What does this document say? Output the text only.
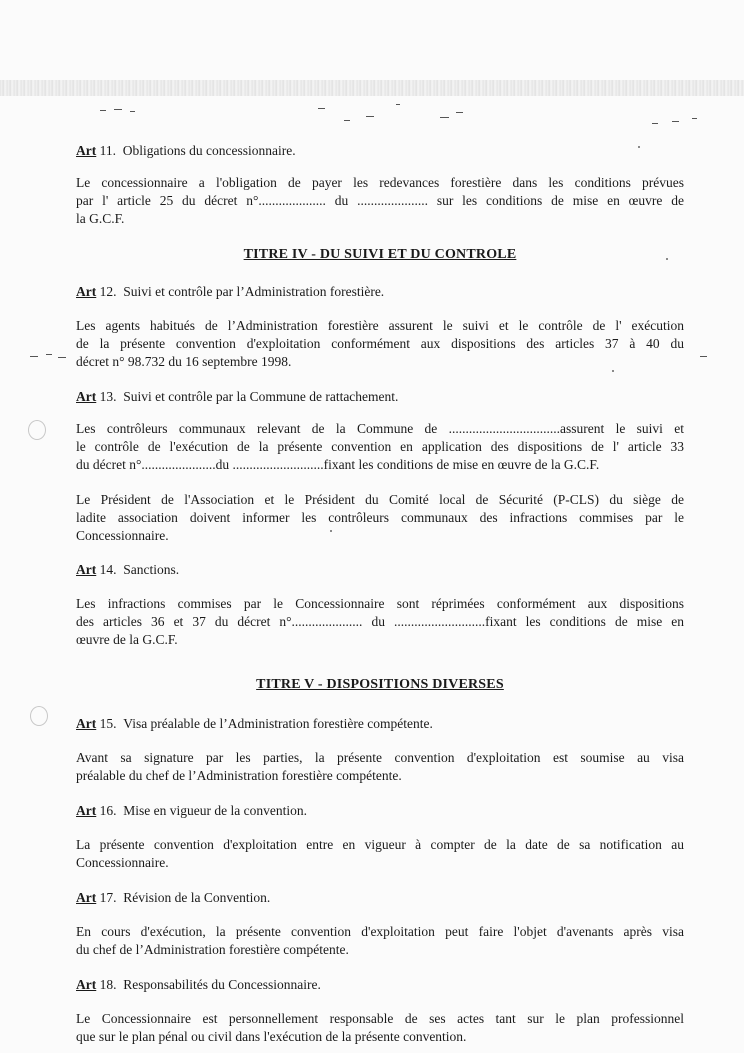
Art 11. Obligations du concessionnaire.
Le concessionnaire a l'obligation de payer les redevances forestière dans les conditions prévues
par l' article 25 du décret n°.................... du ..................... sur les conditions de mise en œuvre de
la G.C.F.
TITRE IV - DU SUIVI ET DU CONTROLE
Art 12. Suivi et contrôle par l’Administration forestière.
Les agents habitués de l’Administration forestière assurent le suivi et le contrôle de l' exécution
de la présente convention d'exploitation conformément aux dispositions des articles 37 à 40 du
décret n° 98.732 du 16 septembre 1998.
Art 13. Suivi et contrôle par la Commune de rattachement.
Les contrôleurs communaux relevant de la Commune de .................................assurent le suivi et
le contrôle de l'exécution de la présente convention en application des dispositions de l' article 33
du décret n°......................du ...........................fixant les conditions de mise en œuvre de la G.C.F.
Le Président de l'Association et le Président du Comité local de Sécurité (P-CLS) du siège de
ladite association doivent informer les contrôleurs communaux des infractions commises par le
Concessionnaire.
Art 14. Sanctions.
Les infractions commises par le Concessionnaire sont réprimées conformément aux dispositions
des articles 36 et 37 du décret n°..................... du ...........................fixant les conditions de mise en
œuvre de la G.C.F.
TITRE V - DISPOSITIONS DIVERSES
Art 15. Visa préalable de l’Administration forestière compétente.
Avant sa signature par les parties, la présente convention d'exploitation est soumise au visa
préalable du chef de l’Administration forestière compétente.
Art 16. Mise en vigueur de la convention.
La présente convention d'exploitation entre en vigueur à compter de la date de sa notification au
Concessionnaire.
Art 17. Révision de la Convention.
En cours d'exécution, la présente convention d'exploitation peut faire l'objet d'avenants après visa
du chef de l’Administration forestière compétente.
Art 18. Responsabilités du Concessionnaire.
Le Concessionnaire est personnellement responsable de ses actes tant sur le plan professionnel
que sur le plan pénal ou civil dans l'exécution de la présente convention.
